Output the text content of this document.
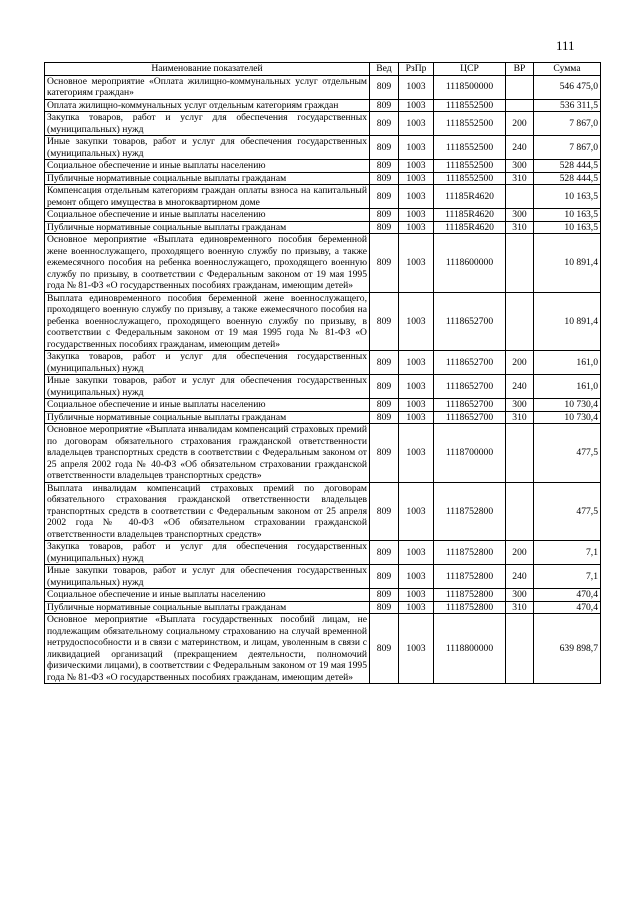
111
Наименование показателей	Вед	РзПр	ЦСР	ВР	Сумма
Основное мероприятие «Оплата жилищно-коммунальных услуг отдельным категориям граждан»	809	1003	1118500000		546 475,0
Оплата жилищно-коммунальных услуг отдельным категориям граждан	809	1003	1118552500		536 311,5
Закупка товаров, работ и услуг для обеспечения государственных (муниципальных) нужд	809	1003	1118552500	200	7 867,0
Иные закупки товаров, работ и услуг для обеспечения государственных (муниципальных) нужд	809	1003	1118552500	240	7 867,0
Социальное обеспечение и иные выплаты населению	809	1003	1118552500	300	528 444,5
Публичные нормативные социальные выплаты гражданам	809	1003	1118552500	310	528 444,5
Компенсация отдельным категориям граждан оплаты взноса на капитальный ремонт общего имущества в многоквартирном доме	809	1003	11185R4620		10 163,5
Социальное обеспечение и иные выплаты населению	809	1003	11185R4620	300	10 163,5
Публичные нормативные социальные выплаты гражданам	809	1003	11185R4620	310	10 163,5
Основное мероприятие «Выплата единовременного пособия беременной жене военнослужащего, проходящего военную службу по призыву, а также ежемесячного пособия на ребенка военнослужащего, проходящего военную службу по призыву, в соответствии с Федеральным законом от 19 мая 1995 года № 81-ФЗ «О государственных пособиях гражданам, имеющим детей»	809	1003	1118600000		10 891,4
Выплата единовременного пособия беременной жене военнослужащего, проходящего военную службу по призыву, а также ежемесячного пособия на ребенка военнослужащего, проходящего военную службу по призыву, в соответствии с Федеральным законом от 19 мая 1995 года № 81-ФЗ «О государственных пособиях гражданам, имеющим детей»	809	1003	1118652700		10 891,4
Закупка товаров, работ и услуг для обеспечения государственных (муниципальных) нужд	809	1003	1118652700	200	161,0
Иные закупки товаров, работ и услуг для обеспечения государственных (муниципальных) нужд	809	1003	1118652700	240	161,0
Социальное обеспечение и иные выплаты населению	809	1003	1118652700	300	10 730,4
Публичные нормативные социальные выплаты гражданам	809	1003	1118652700	310	10 730,4
Основное мероприятие «Выплата инвалидам компенсаций страховых премий по договорам обязательного страхования гражданской ответственности владельцев транспортных средств в соответствии с Федеральным законом от 25 апреля 2002 года № 40-ФЗ «Об обязательном страховании гражданской ответственности владельцев транспортных средств»	809	1003	1118700000		477,5
Выплата инвалидам компенсаций страховых премий по договорам обязательного страхования гражданской ответственности владельцев транспортных средств в соответствии с Федеральным законом от 25 апреля 2002 года № 40-ФЗ «Об обязательном страховании гражданской ответственности владельцев транспортных средств»	809	1003	1118752800		477,5
Закупка товаров, работ и услуг для обеспечения государственных (муниципальных) нужд	809	1003	1118752800	200	7,1
Иные закупки товаров, работ и услуг для обеспечения государственных (муниципальных) нужд	809	1003	1118752800	240	7,1
Социальное обеспечение и иные выплаты населению	809	1003	1118752800	300	470,4
Публичные нормативные социальные выплаты гражданам	809	1003	1118752800	310	470,4
Основное мероприятие «Выплата государственных пособий лицам, не подлежащим обязательному социальному страхованию на случай временной нетрудоспособности и в связи с материнством, и лицам, уволенным в связи с ликвидацией организаций (прекращением деятельности, полномочий физическими лицами), в соответствии с Федеральным законом от 19 мая 1995 года № 81-ФЗ «О государственных пособиях гражданам, имеющим детей»	809	1003	1118800000		639 898,7
